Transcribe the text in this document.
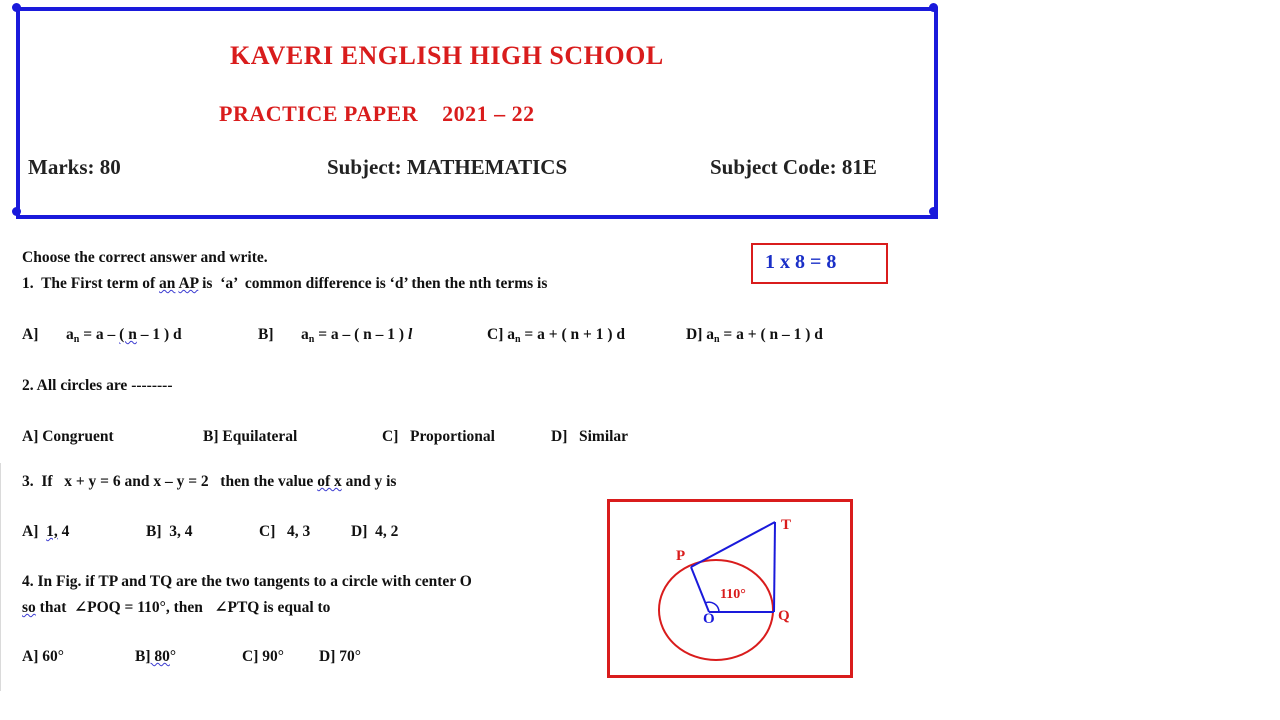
KAVERI ENGLISH HIGH SCHOOL
PRACTICE PAPER    2021 – 22
Marks: 80	Subject: MATHEMATICS	Subject Code: 81E
Choose the correct answer and write.	1 x 8 = 8
1.  The First term of an AP is  ‘a’  common difference is ‘d’ then the nth terms is
A] $a_n = a$ – ( n – 1 ) d	B] $a_n = a$ – ( n – 1 ) l	C] $a_n = a$ + ( n + 1 ) d	D] $a_n = a$ + ( n – 1 ) d
2. All circles are --------
A] Congruent	B] Equilateral	C]   Proportional	D]   Similar
3.  If   x + y = 6 and x – y = 2   then the value of x and y is
A]  1, 4	B]  3, 4	C]   4, 3	D]  4, 2
4. In Fig. if TP and TQ are the two tangents to a circle with center O
so that  ∠POQ = 110°, then   ∠PTQ is equal to
A] 60°	B] 80°	C] 90° D] 70°
P
T
Q
O
110°
